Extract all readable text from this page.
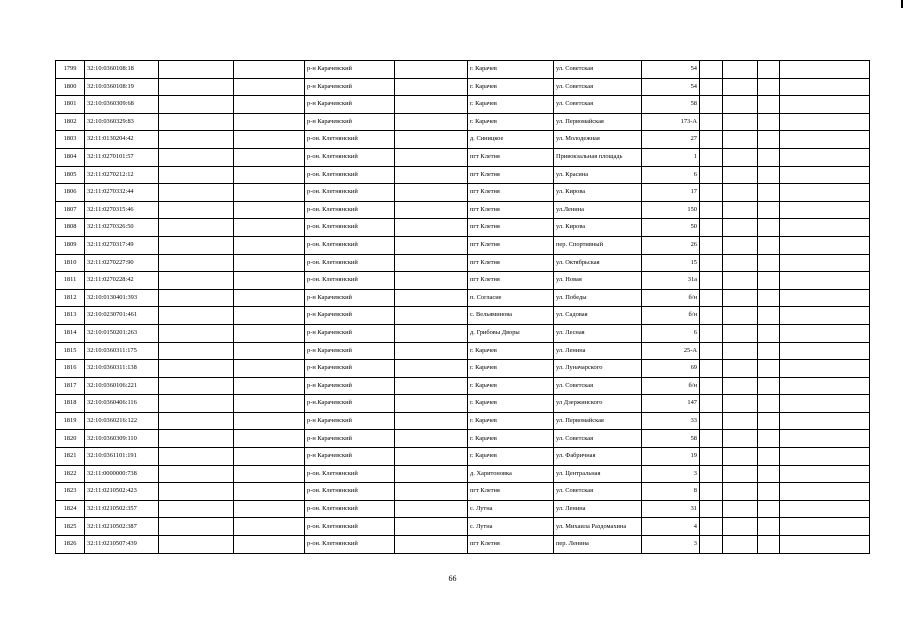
1799	32:10:0360108:18			р-н Карачевский		г. Карачев	ул. Советская	54				
1800	32:10:0360108:19			р-н Карачевский		г. Карачев	ул. Советская	54				
1801	32:10:0360309:68			р-н Карачевский		г. Карачев	ул. Советская	58				
1802	32:10:0360329:83			р-н Карачевский		г. Карачев	ул. Первомайская	173-А				
1803	32:11:0130204:42			р-он. Клетнянский		д. Синицкое	ул. Молодежная	27				
1804	32:11:0270101:57			р-он. Клетнянский		пгт Клетня	Привокзальная площадь	1				
1805	32:11:0270212:12			р-он. Клетнянский		пгт Клетня	ул. Красина	6				
1806	32:11:0270332:44			р-он. Клетнянский		пгт Клетня	ул. Кирова	17				
1807	32:11:0270315:46			р-он. Клетнянский		пгт Клетня	ул.Ленина	150				
1808	32:11:0270326:50			р-он. Клетнянский		пгт Клетня	ул. Кирова	50				
1809	32:11:0270317:49			р-он. Клетнянский		пгт Клетня	пер. Спортивный	26				
1810	32:11:0270227:90			р-он. Клетнянский		пгт Клетня	ул. Октябрьская	15				
1811	32:11:0270228:42			р-он. Клетнянский		пгт Клетня	ул. Новая	31а				
1812	32:10:0130401:393			р-н Карачевский		п. Согласие	ул. Победы	б/н				
1813	32:10:0230701:461			р-н Карачевский		с. Вельяминова	ул. Садовая	б/н				
1814	32:10:0150201:263			р-н Карачевский		д. Грибовы Дворы	ул. Лесная	6				
1815	32:10:0360311:175			р-н Карачевский		г. Карачев	ул. Ленина	25-А				
1816	32:10:0360311:138			р-н Карачевский		г. Карачев	ул. Луначарского	69				
1817	32:10:0360106:221			р-н Карачевский		г. Карачев	ул. Советская	б/н				
1818	32:10:0360406:116			р-н.Карачевский		г. Карачев	ул Дзержинского	147				
1819	32:10:0360216:122			р-н Карачевский		г. Карачев	ул. Первомайская	33				
1820	32:10:0360309:110			р-н Карачевский		г. Карачев	ул. Советская	58				
1821	32:10:0361101:191			р-н Карачевский		г. Карачев	ул. Фабричная	19				
1822	32:11:0000000:738			р-он. Клетнянский		д. Харитоновка	ул. Центральная	3				
1823	32:11:0210502:423			р-он. Клетнянский		пгт Клетня	ул. Советская	8				
1824	32:11:0210502:357			р-он. Клетнянский		с. Лутна	ул. Ленина	31				
1825	32:11:0210502:387			р-он. Клетнянский		с. Лутна	ул. Михаила Раздомахина	4				
1826	32:11:0210507:439			р-он. Клетнянский		пгт Клетня	пер. Ленина	3				
66
